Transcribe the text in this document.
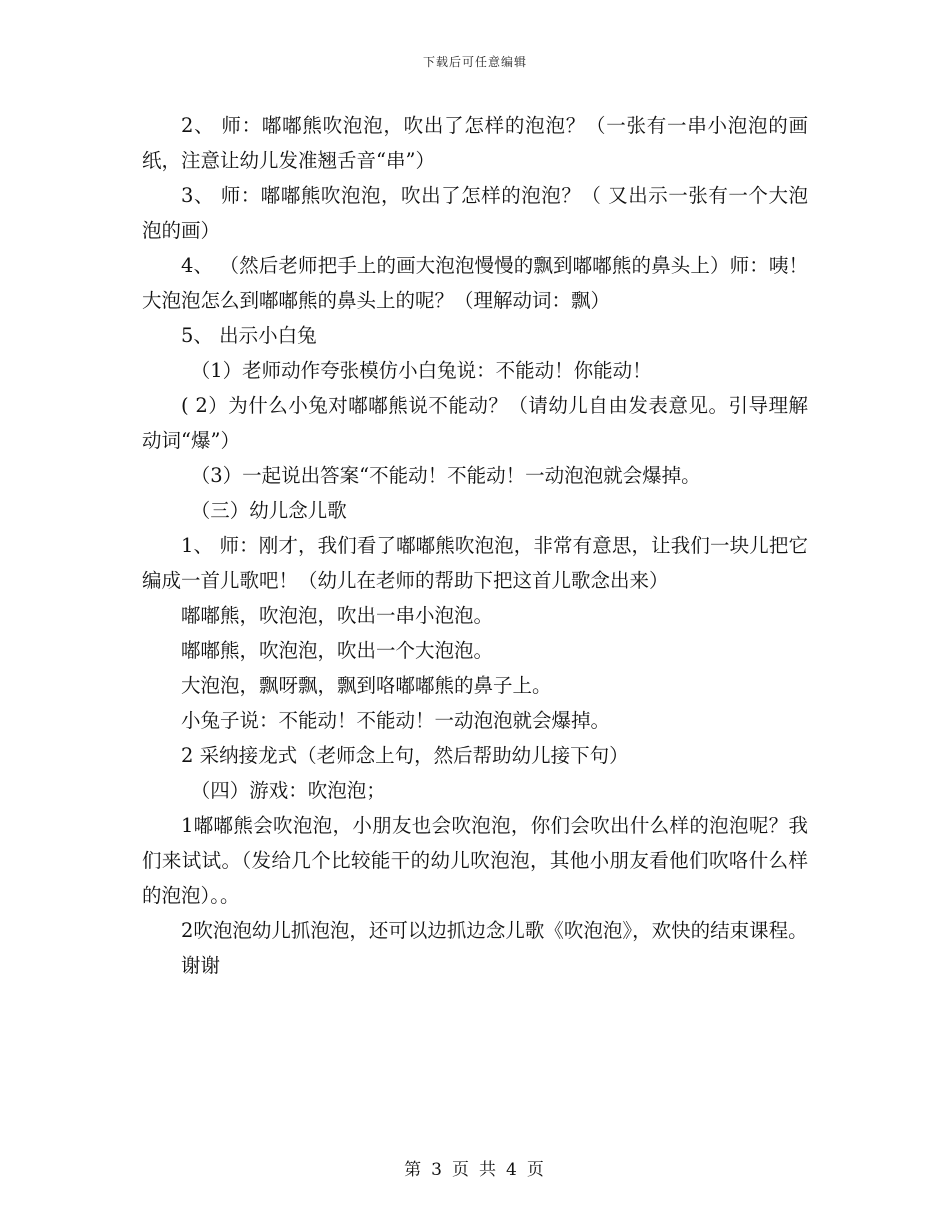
下载后可任意编辑

2、 师：嘟嘟熊吹泡泡，吹出了怎样的泡泡？（一张有一串小泡泡的画纸，注意让幼儿发准翘舌音“串”）

3、 师：嘟嘟熊吹泡泡，吹出了怎样的泡泡？（ 又出示一张有一个大泡泡的画）

4、 （然后老师把手上的画大泡泡慢慢的飘到嘟嘟熊的鼻头上）师：咦！大泡泡怎么到嘟嘟熊的鼻头上的呢？（理解动词：飘）

5、 出示小白兔

（1）老师动作夸张模仿小白兔说：不能动！你能动！

( 2）为什么小兔对嘟嘟熊说不能动？（请幼儿自由发表意见。引导理解动词“爆”）

（3）一起说出答案“不能动！不能动！一动泡泡就会爆掉。

（三）幼儿念儿歌

1、 师：刚才，我们看了嘟嘟熊吹泡泡，非常有意思，让我们一块儿把它编成一首儿歌吧！（幼儿在老师的帮助下把这首儿歌念出来）

嘟嘟熊，吹泡泡，吹出一串小泡泡。

嘟嘟熊，吹泡泡，吹出一个大泡泡。

大泡泡，飘呀飘，飘到咯嘟嘟熊的鼻子上。

小兔子说：不能动！不能动！一动泡泡就会爆掉。

2 采纳接龙式（老师念上句，然后帮助幼儿接下句）

（四）游戏：吹泡泡；

1嘟嘟熊会吹泡泡，小朋友也会吹泡泡，你们会吹出什么样的泡泡呢？我们来试试。（发给几个比较能干的幼儿吹泡泡，其他小朋友看他们吹咯什么样的泡泡）。。

2吹泡泡幼儿抓泡泡，还可以边抓边念儿歌《吹泡泡》，欢快的结束课程。

谢谢

第 3 页 共 4 页
